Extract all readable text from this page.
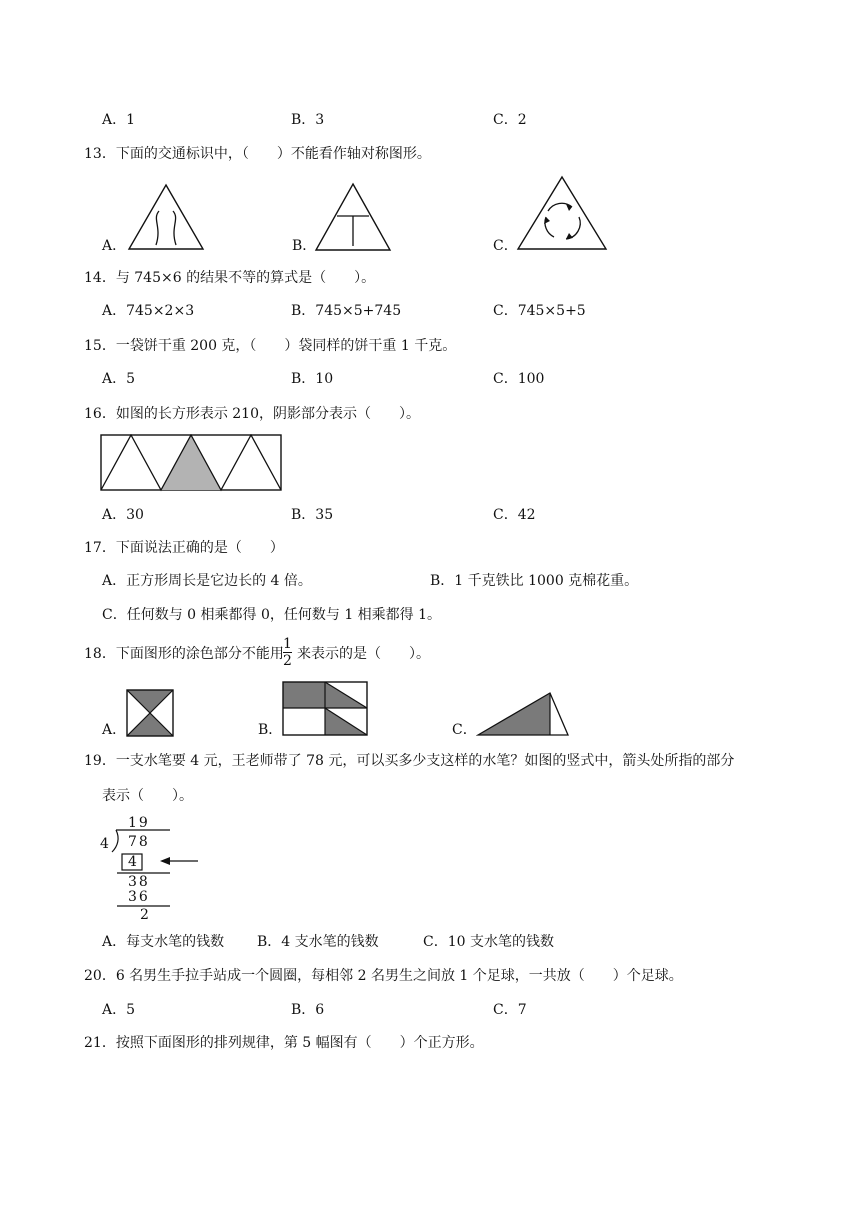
A．1	B．3	C．2
13．下面的交通标识中，（　　）不能看作轴对称图形。
A．	B．	C．
14．与 745×6 的结果不等的算式是（　　）。
A．745×2×3	B．745×5+745	C．745×5+5
15．一袋饼干重 200 克，（　　）袋同样的饼干重 1 千克。
A．5	B．10	C．100
16．如图的长方形表示 210，阴影部分表示（　　）。
A．30	B．35	C．42
17．下面说法正确的是（　　）
A．正方形周长是它边长的 4 倍。	B．1 千克铁比 1000 克棉花重。
C．任何数与 0 相乘都得 0，任何数与 1 相乘都得 1。
18．下面图形的涂色部分不能用
1
2 来表示的是（　　）。
A．	B．	C．
19．一支水笔要 4 元，王老师带了 78 元，可以买多少支这样的水笔？如图的竖式中，箭头处所指的部分
表示（　　）。
19
4 78
4
38
36
2
A．每支水笔的钱数 B．4 支水笔的钱数	C．10 支水笔的钱数
20．6 名男生手拉手站成一个圆圈，每相邻 2 名男生之间放 1 个足球，一共放（　　）个足球。
A．5	B．6	C．7
21．按照下面图形的排列规律，第 5 幅图有（　　）个正方形。
